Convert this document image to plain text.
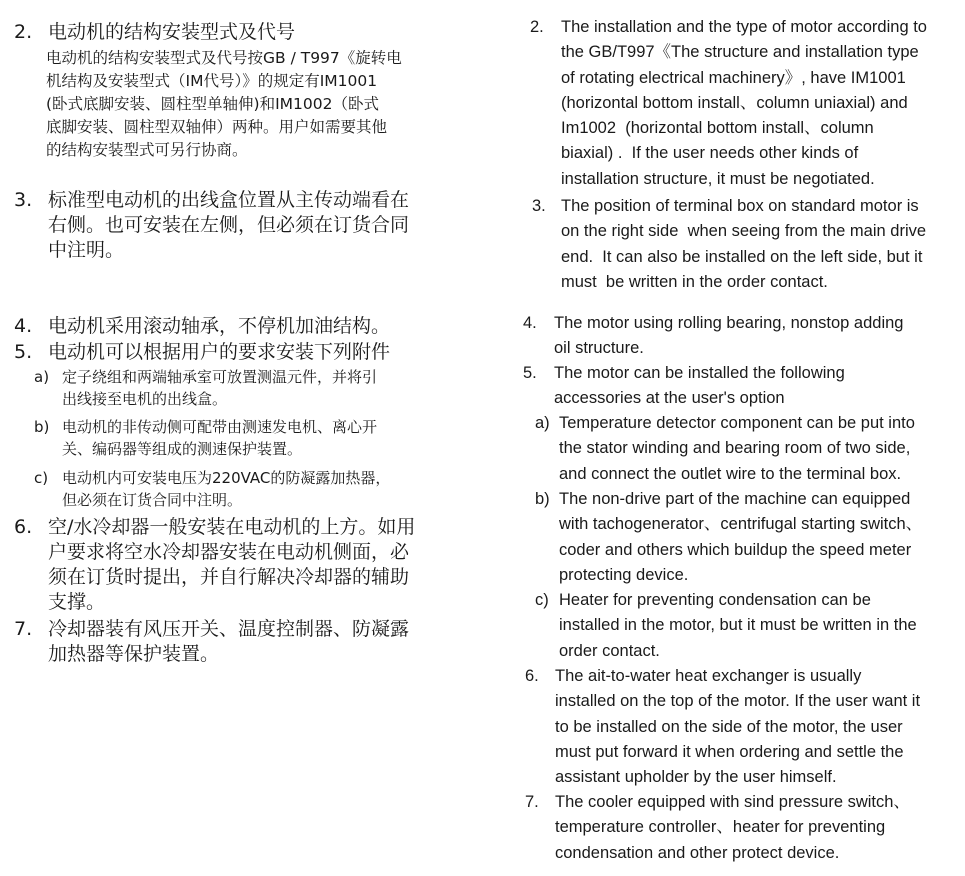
2. 电动机的结构安装型式及代号
电动机的结构安装型式及代号按GB / T997《旋转电
机结构及安装型式（IM代号）》的规定有IM1001
(卧式底脚安装、圆柱型单轴伸)和IM1002（卧式
底脚安装、圆柱型双轴伸）两种。用户如需要其他
的结构安装型式可另行协商。
3. 标准型电动机的出线盒位置从主传动端看在
右侧。也可安装在左侧，但必须在订货合同
中注明。
4. 电动机采用滚动轴承，不停机加油结构。
5. 电动机可以根据用户的要求安装下列附件
a) 定子绕组和两端轴承室可放置测温元件，并将引
出线接至电机的出线盒。
b) 电动机的非传动侧可配带由测速发电机、离心开
关、编码器等组成的测速保护装置。
c) 电动机内可安装电压为220VAC的防凝露加热器，
但必须在订货合同中注明。
6. 空/水冷却器一般安装在电动机的上方。如用
户要求将空水冷却器安装在电动机侧面，必
须在订货时提出，并自行解决冷却器的辅助
支撑。
7. 冷却器装有风压开关、温度控制器、防凝露
加热器等保护装置。
2. The installation and the type of motor according to
the GB/T997《The structure and installation type
of rotating electrical machinery》, have IM1001
(horizontal bottom install、column uniaxial) and
Im1002  (horizontal bottom install、column
biaxial) .  If the user needs other kinds of
installation structure, it must be negotiated.
3. The position of terminal box on standard motor is
on the right side  when seeing from the main drive
end.  It can also be installed on the left side, but it
must  be written in the order contact.
4. The motor using rolling bearing, nonstop adding
oil structure.
5. The motor can be installed the following
accessories at the user's option
a) Temperature detector component can be put into
the stator winding and bearing room of two side,
and connect the outlet wire to the terminal box.
b) The non-drive part of the machine can equipped
with tachogenerator、centrifugal starting switch、
coder and others which buildup the speed meter
protecting device.
c) Heater for preventing condensation can be
installed in the motor, but it must be written in the
order contact.
6. The ait-to-water heat exchanger is usually
installed on the top of the motor. If the user want it
to be installed on the side of the motor, the user
must put forward it when ordering and settle the
assistant upholder by the user himself.
7. The cooler equipped with sind pressure switch、
temperature controller、heater for preventing
condensation and other protect device.
